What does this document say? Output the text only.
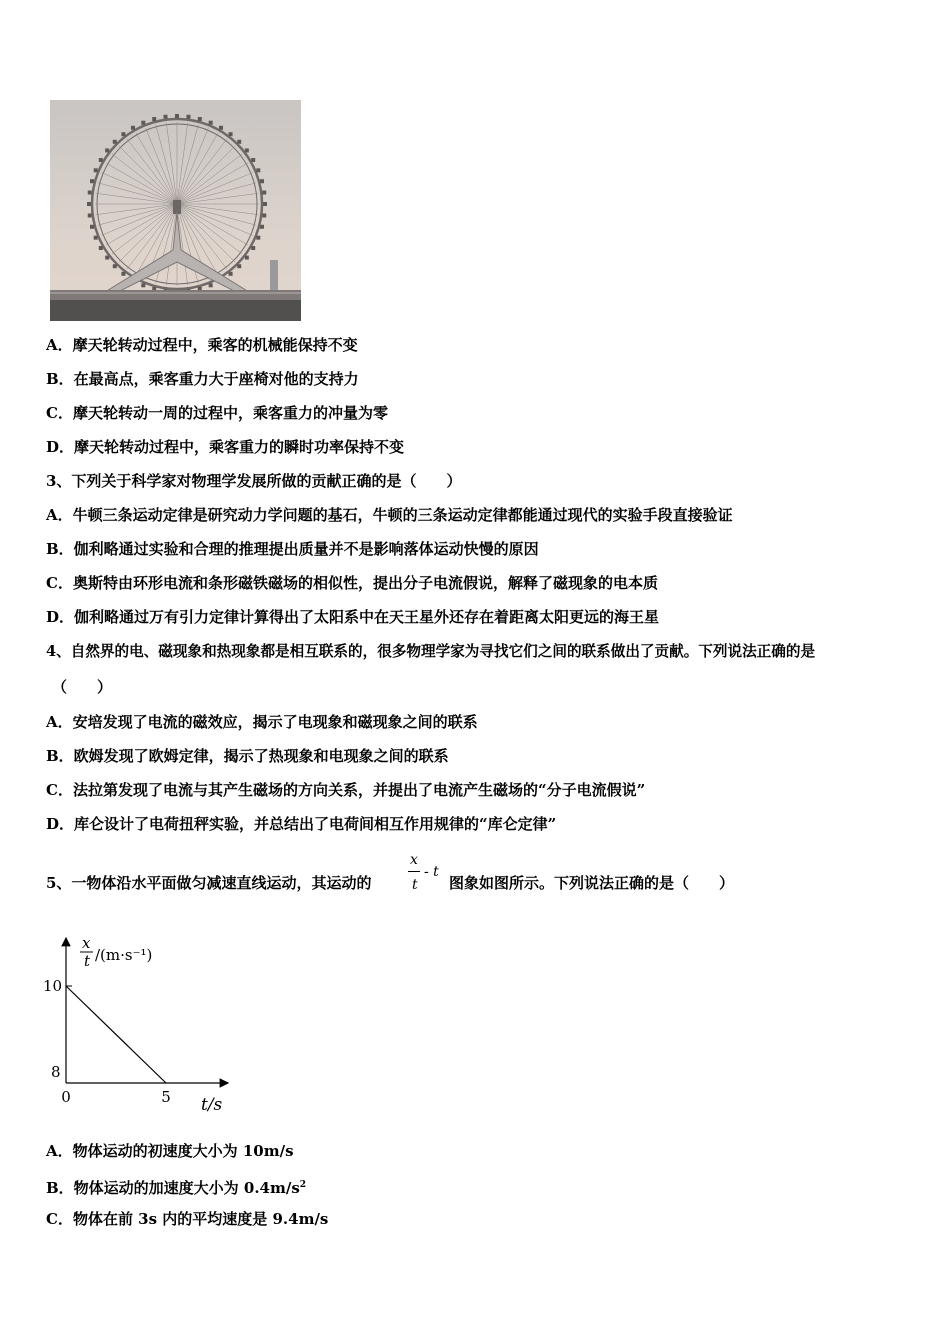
A．摩天轮转动过程中，乘客的机械能保持不变
B．在最高点，乘客重力大于座椅对他的支持力
C．摩天轮转动一周的过程中，乘客重力的冲量为零
D．摩天轮转动过程中，乘客重力的瞬时功率保持不变
3、下列关于科学家对物理学发展所做的贡献正确的是（　　）
A．牛顿三条运动定律是研究动力学问题的基石，牛顿的三条运动定律都能通过现代的实验手段直接验证
B．伽利略通过实验和合理的推理提出质量并不是影响落体运动快慢的原因
C．奥斯特由环形电流和条形磁铁磁场的相似性，提出分子电流假说，解释了磁现象的电本质
D．伽利略通过万有引力定律计算得出了太阳系中在天王星外还存在着距离太阳更远的海王星
4、自然界的电、磁现象和热现象都是相互联系的，很多物理学家为寻找它们之间的联系做出了贡献。下列说法正确的是
（　　）
A．安培发现了电流的磁效应，揭示了电现象和磁现象之间的联系
B．欧姆发现了欧姆定律，揭示了热现象和电现象之间的联系
C．法拉第发现了电流与其产生磁场的方向关系，并提出了电流产生磁场的“分子电流假说”
D．库仑设计了电荷扭秤实验，并总结出了电荷间相互作用规律的“库仑定律”
5、一物体沿水平面做匀减速直线运动，其运动的
x
t
- t
图象如图所示。下列说法正确的是（　　）
x
t /(m·s⁻¹)
10
8
0	5 t/s
A．物体运动的初速度大小为 10m/s
B．物体运动的加速度大小为 $0.4m/s^2$
C．物体在前 3s 内的平均速度是 9.4m/s
